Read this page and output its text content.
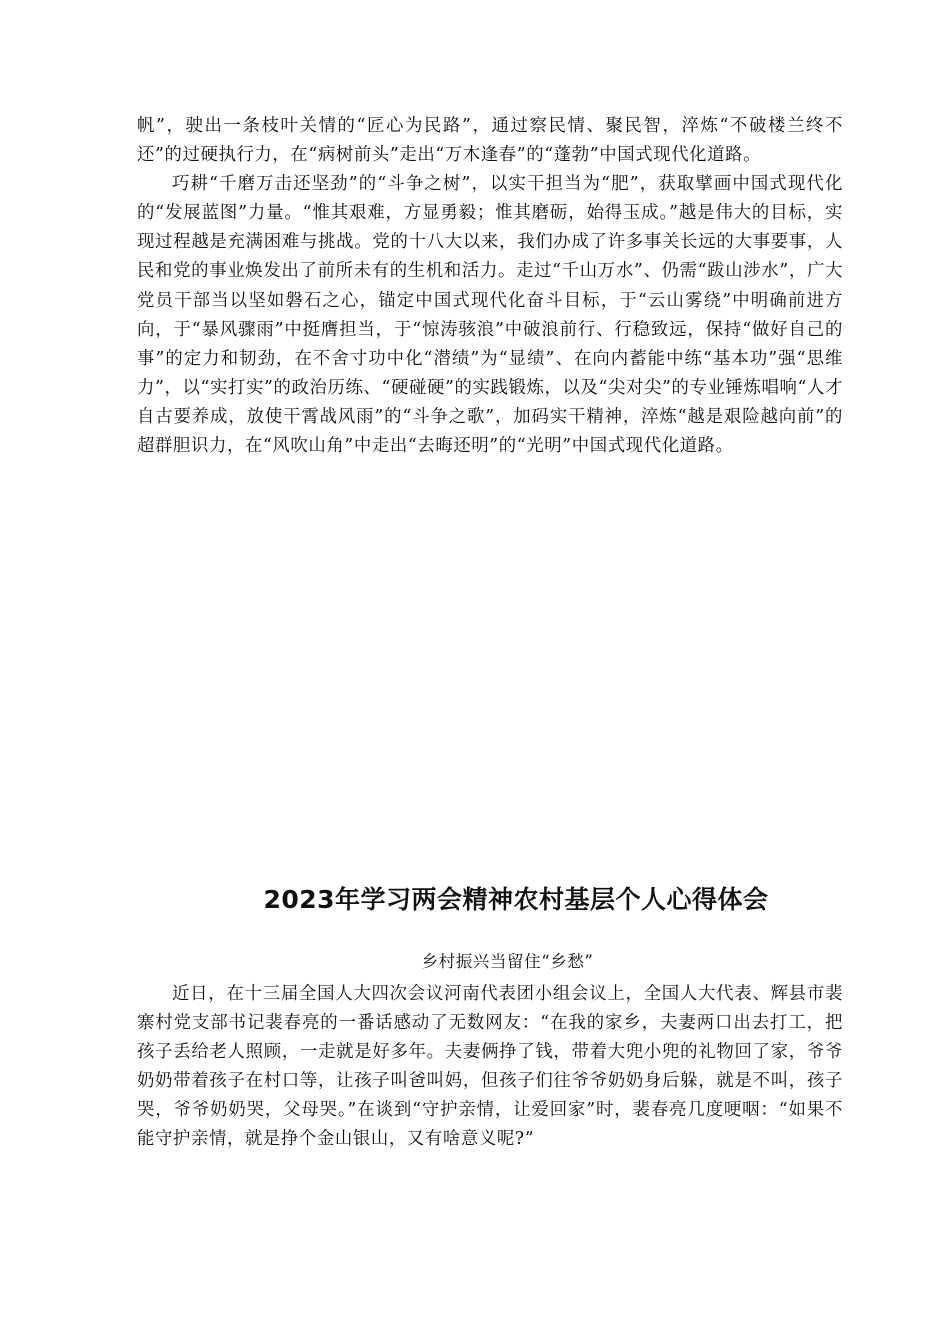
帆”，驶出一条枝叶关情的“匠心为民路”，通过察民情、聚民智，淬炼“不破楼兰终不还”的过硬执行力，在“病树前头”走出“万木逢春”的“蓬勃”中国式现代化道路。

巧耕“千磨万击还坚劲”的“斗争之树”，以实干担当为“肥”，获取擘画中国式现代化的“发展蓝图”力量。“惟其艰难，方显勇毅；惟其磨砺，始得玉成。”越是伟大的目标，实现过程越是充满困难与挑战。党的十八大以来，我们办成了许多事关长远的大事要事，人民和党的事业焕发出了前所未有的生机和活力。走过“千山万水”、仍需“跋山涉水”，广大党员干部当以坚如磐石之心，锚定中国式现代化奋斗目标，于“云山雾绕”中明确前进方向，于“暴风骤雨”中挺膺担当，于“惊涛骇浪”中破浪前行、行稳致远，保持“做好自己的事”的定力和韧劲，在不舍寸功中化“潜绩”为“显绩”、在向内蓄能中练“基本功”强“思维力”，以“实打实”的政治历练、“硬碰硬”的实践锻炼，以及“尖对尖”的专业锤炼唱响“人才自古要养成，放使干霄战风雨”的“斗争之歌”，加码实干精神，淬炼“越是艰险越向前”的超群胆识力，在“风吹山角”中走出“去晦还明”的“光明”中国式现代化道路。

2023年学习两会精神农村基层个人心得体会
乡村振兴当留住“乡愁”

近日，在十三届全国人大四次会议河南代表团小组会议上，全国人大代表、辉县市裴寨村党支部书记裴春亮的一番话感动了无数网友：“在我的家乡，夫妻两口出去打工，把孩子丢给老人照顾，一走就是好多年。夫妻俩挣了钱，带着大兜小兜的礼物回了家，爷爷奶奶带着孩子在村口等，让孩子叫爸叫妈，但孩子们往爷爷奶奶身后躲，就是不叫，孩子哭，爷爷奶奶哭，父母哭。”在谈到“守护亲情，让爱回家”时，裴春亮几度哽咽：“如果不能守护亲情，就是挣个金山银山，又有啥意义呢?”
